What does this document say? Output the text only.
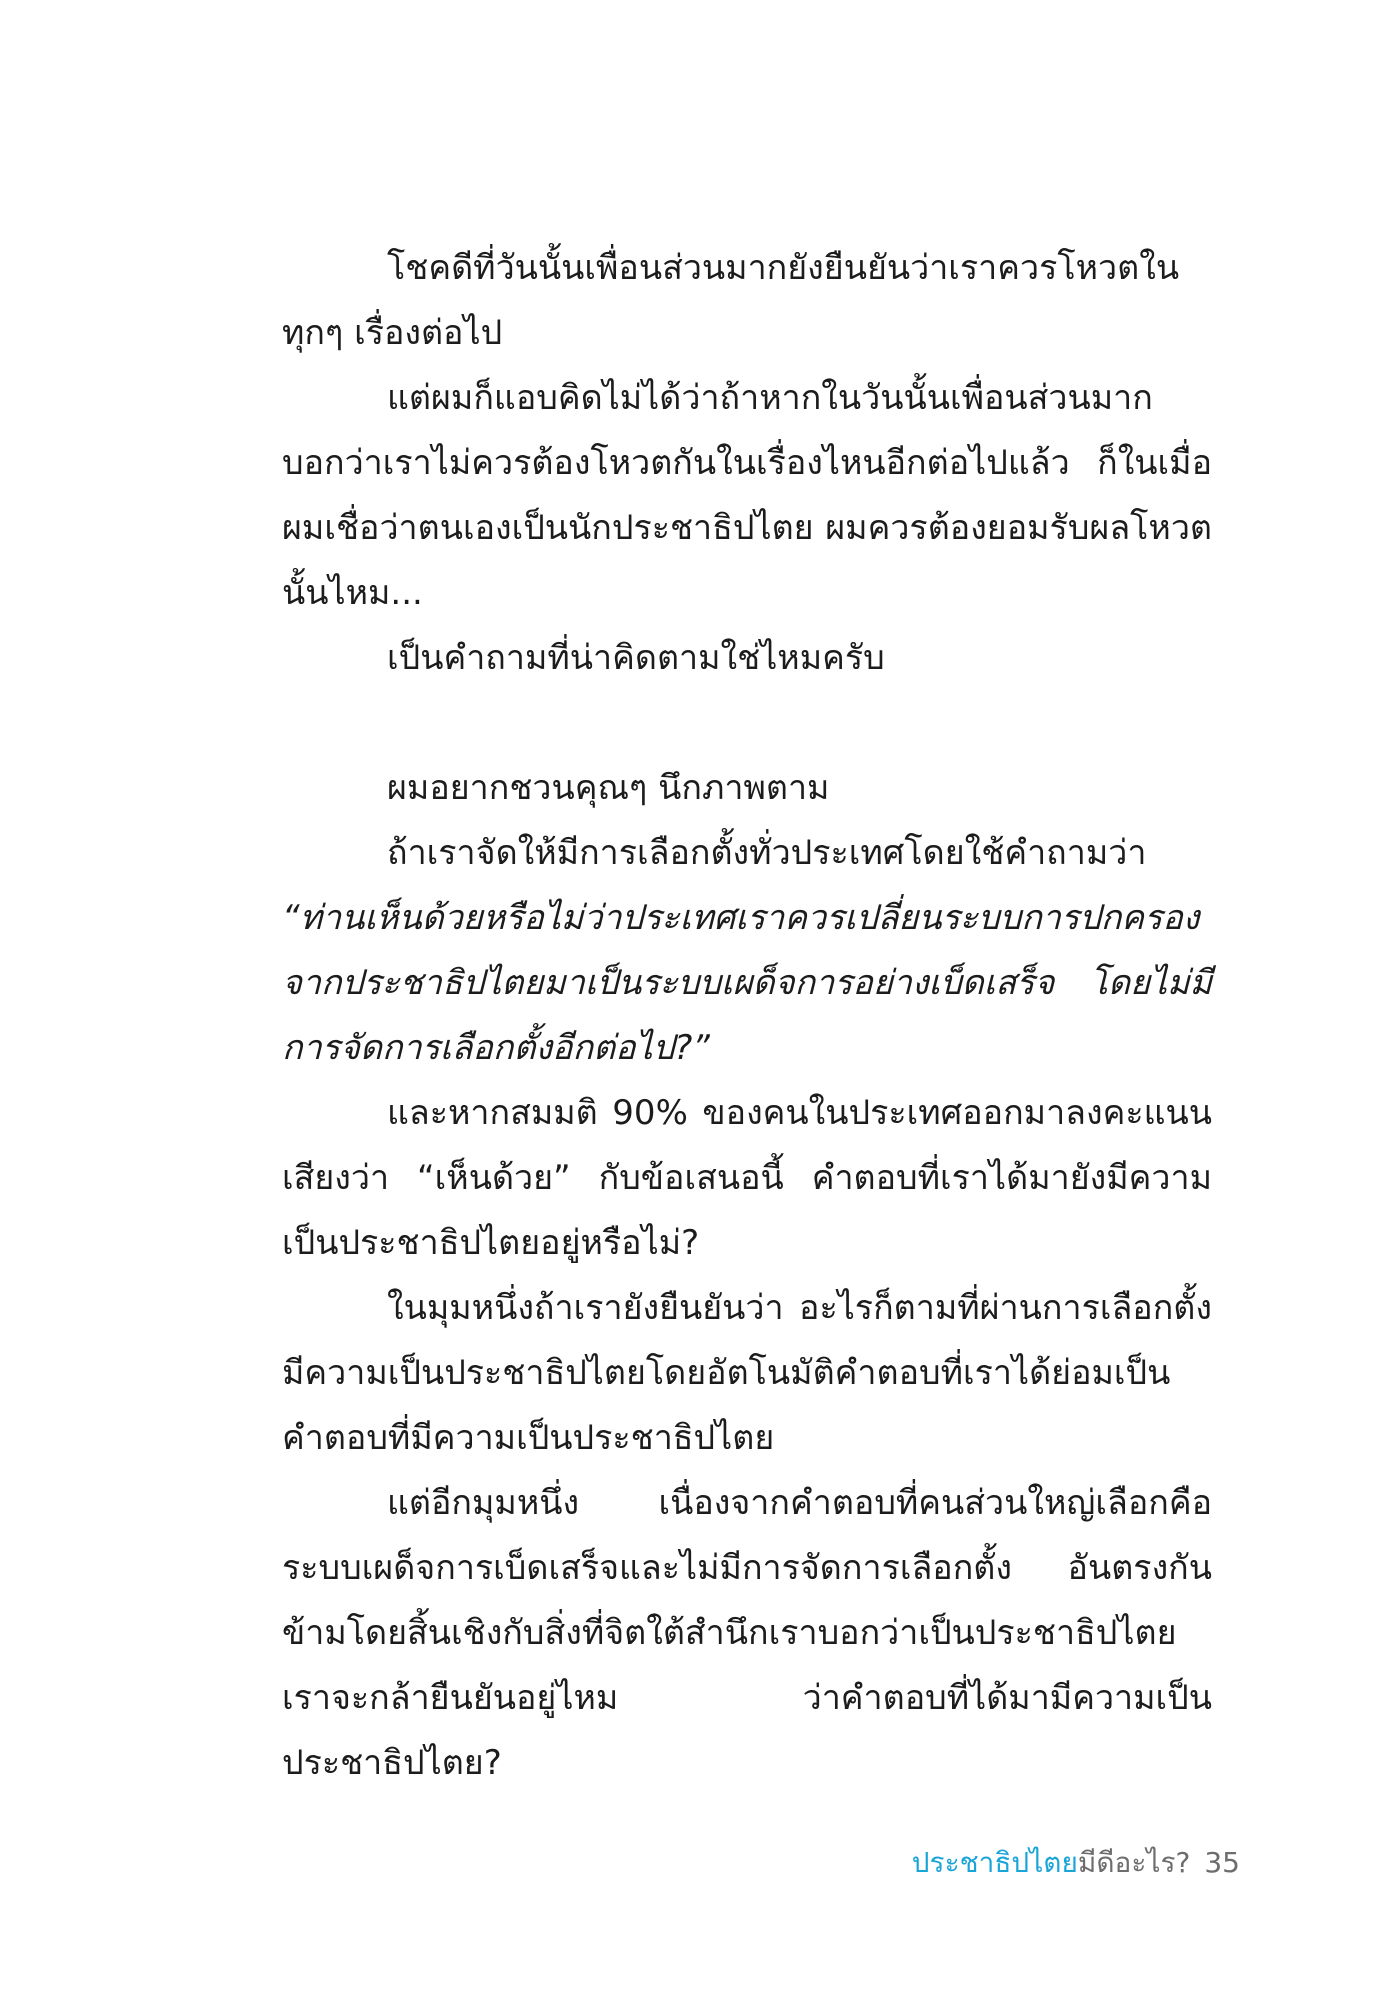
โชคดีที่วันนั้นเพื่อนส่วนมากยังยืนยันว่าเราควรโหวตในทุกๆ เรื่องต่อไป

แต่ผมก็แอบคิดไม่ได้ว่าถ้าหากในวันนั้นเพื่อนส่วนมากบอกว่าเราไม่ควรต้องโหวตกันในเรื่องไหนอีกต่อไปแล้ว ก็ในเมื่อผมเชื่อว่าตนเองเป็นนักประชาธิปไตย ผมควรต้องยอมรับผลโหวตนั้นไหม...

เป็นคำถามที่น่าคิดตามใช่ไหมครับ

ผมอยากชวนคุณๆ นึกภาพตาม

ถ้าเราจัดให้มีการเลือกตั้งทั่วประเทศโดยใช้คำถามว่า “ท่านเห็นด้วยหรือไม่ว่าประเทศเราควรเปลี่ยนระบบการปกครองจากประชาธิปไตยมาเป็นระบบเผด็จการอย่างเบ็ดเสร็จ โดยไม่มีการจัดการเลือกตั้งอีกต่อไป?”

และหากสมมติ 90% ของคนในประเทศออกมาลงคะแนนเสียงว่า “เห็นด้วย” กับข้อเสนอนี้ คำตอบที่เราได้มายังมีความเป็นประชาธิปไตยอยู่หรือไม่?

ในมุมหนึ่งถ้าเรายังยืนยันว่า อะไรก็ตามที่ผ่านการเลือกตั้งมีความเป็นประชาธิปไตยโดยอัตโนมัติคำตอบที่เราได้ย่อมเป็นคำตอบที่มีความเป็นประชาธิปไตย

แต่อีกมุมหนึ่ง เนื่องจากคำตอบที่คนส่วนใหญ่เลือกคือระบบเผด็จการเบ็ดเสร็จและไม่มีการจัดการเลือกตั้ง อันตรงกันข้ามโดยสิ้นเชิงกับสิ่งที่จิตใต้สำนึกเราบอกว่าเป็นประชาธิปไตย เราจะกล้ายืนยันอยู่ไหม ว่าคำตอบที่ได้มามีความเป็นประชาธิปไตย?

ประชาธิปไตยมีดีอะไร? 35
